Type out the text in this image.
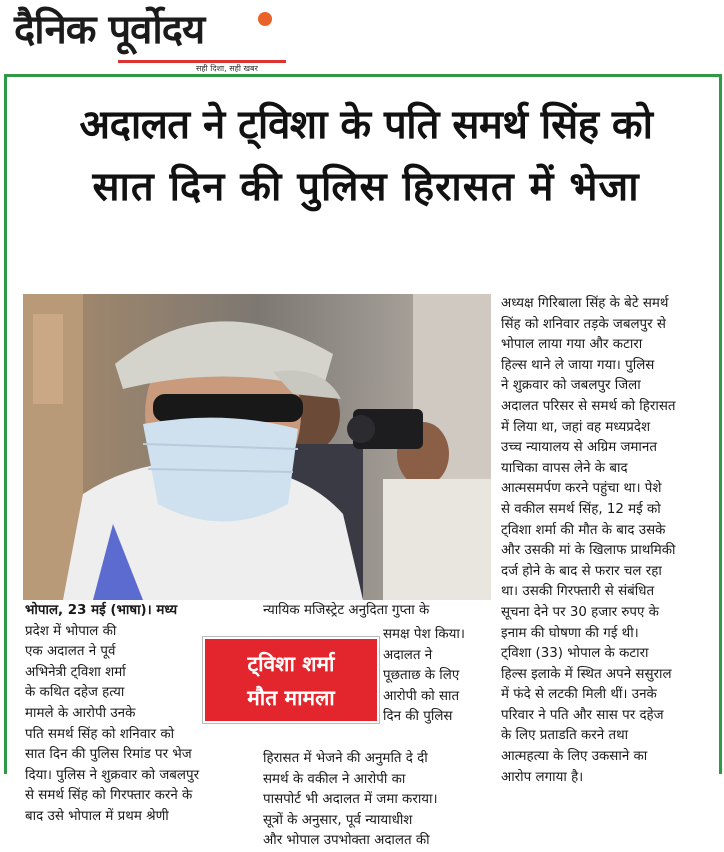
दैनिक पूर्वोदय
सही दिशा, सही खबर
अदालत ने ट्विशा के पति समर्थ सिंह को
सात दिन की पुलिस हिरासत में भेजा
अध्यक्ष गिरिबाला सिंह के बेटे समर्थ
सिंह को शनिवार तड़के जबलपुर से
भोपाल लाया गया और कटारा
हिल्स थाने ले जाया गया। पुलिस
ने शुक्रवार को जबलपुर जिला
अदालत परिसर से समर्थ को हिरासत
में लिया था, जहां वह मध्यप्रदेश
उच्च न्यायालय से अग्रिम जमानत
याचिका वापस लेने के बाद
आत्मसमर्पण करने पहुंचा था। पेशे
से वकील समर्थ सिंह, 12 मई को
ट्विशा शर्मा की मौत के बाद उसके
और उसकी मां के खिलाफ प्राथमिकी
दर्ज होने के बाद से फरार चल रहा
था। उसकी गिरफ्तारी से संबंधित
सूचना देने पर 30 हजार रुपए के
इनाम की घोषणा की गई थी।
ट्विशा (33) भोपाल के कटारा
हिल्स इलाके में स्थित अपने ससुराल
में फंदे से लटकी मिली थीं। उनके
परिवार ने पति और सास पर दहेज
के लिए प्रताडति करने तथा
आत्महत्या के लिए उकसाने का
आरोप लगाया है।
भोपाल, 23 मई (भाषा)। मध्य
प्रदेश में भोपाल की
एक अदालत ने पूर्व
अभिनेत्री ट्विशा शर्मा
के कथित दहेज हत्या
मामले के आरोपी उनके
पति समर्थ सिंह को शनिवार को
सात दिन की पुलिस रिमांड पर भेज
दिया। पुलिस ने शुक्रवार को जबलपुर
से समर्थ सिंह को गिरफ्तार करने के
बाद उसे भोपाल में प्रथम श्रेणी
न्यायिक मजिस्ट्रेट अनुदिता गुप्ता के
ट्विशा शर्मा
मौत मामला
समक्ष पेश किया।
अदालत ने
पूछताछ के लिए
आरोपी को सात
दिन की पुलिस
हिरासत में भेजने की अनुमति दे दी
समर्थ के वकील ने आरोपी का
पासपोर्ट भी अदालत में जमा कराया।
सूत्रों के अनुसार, पूर्व न्यायाधीश
और भोपाल उपभोक्ता अदालत की
